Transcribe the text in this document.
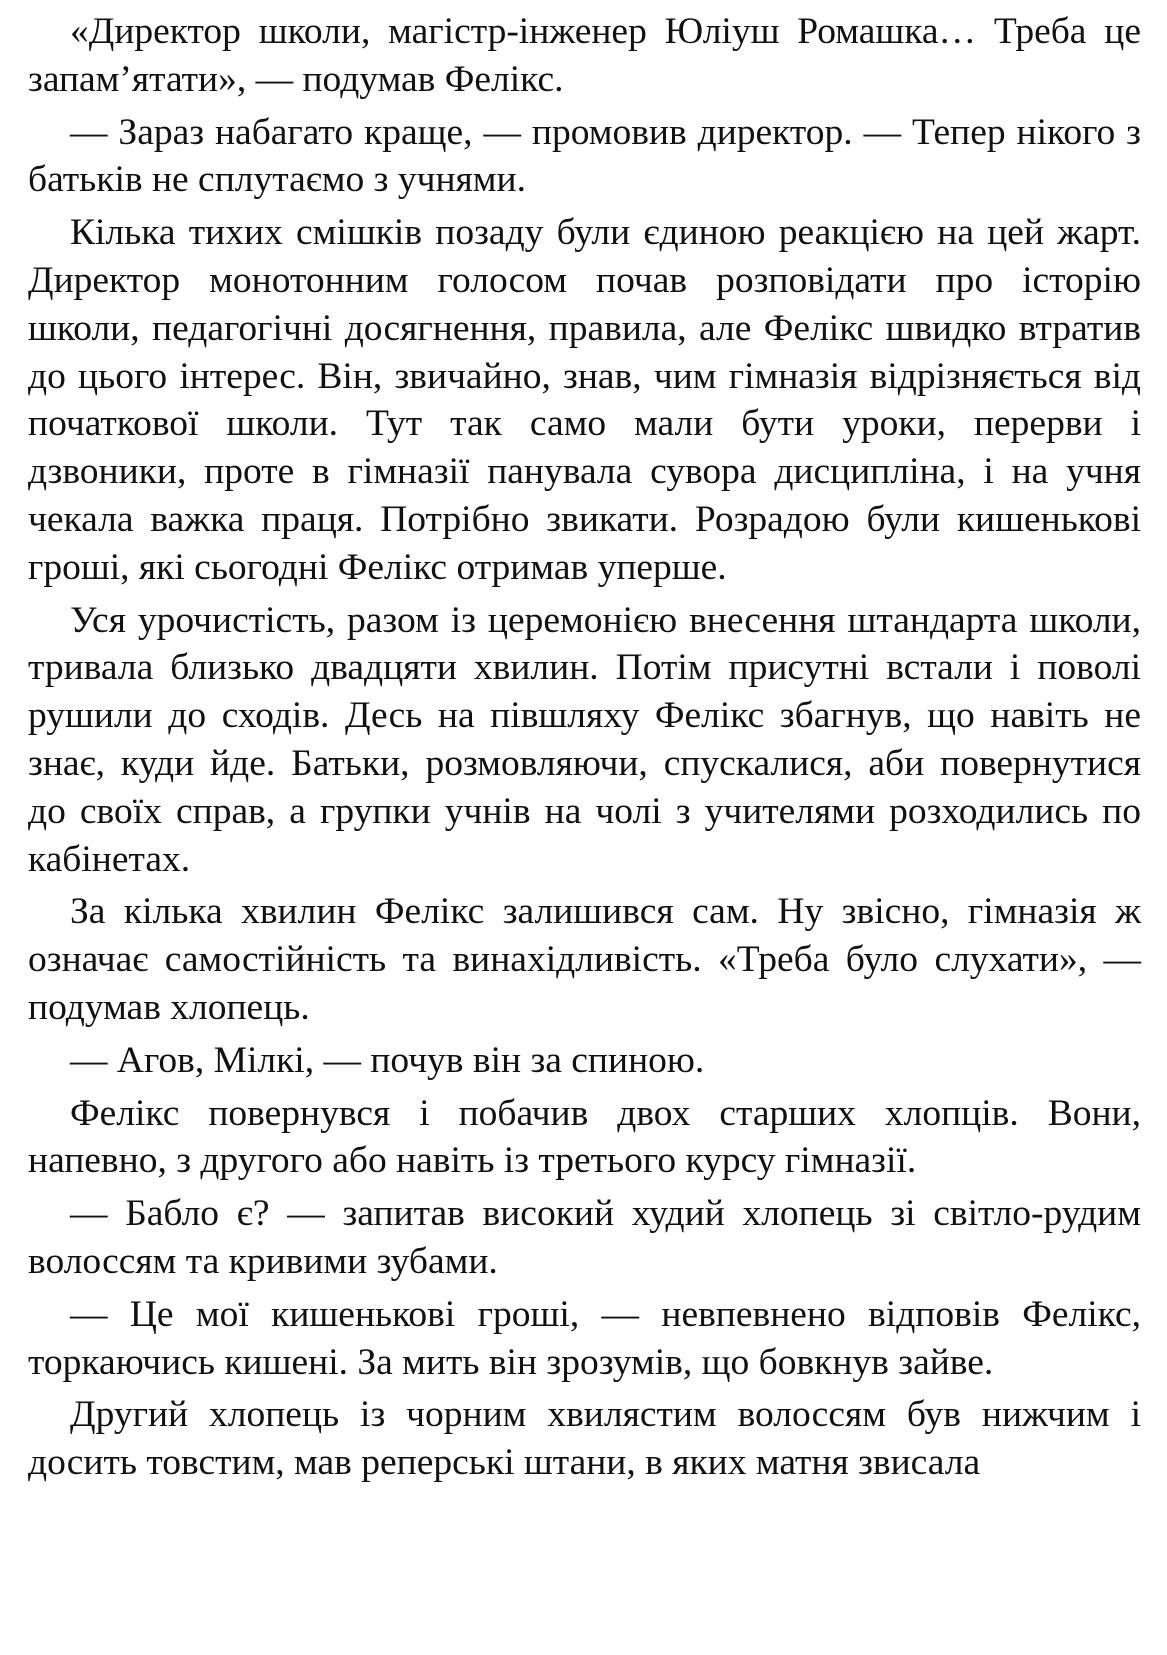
«Директор школи, магістр-інженер Юліуш Ромашка… Треба це запам’ятати», — подумав Фелікс.

— Зараз набагато краще, — промовив директор. — Тепер нікого з батьків не сплутаємо з учнями.

Кілька тихих смішків позаду були єдиною реакцією на цей жарт. Директор монотонним голосом почав розповідати про історію школи, педагогічні досягнення, правила, але Фелікс швидко втратив до цього інтерес. Він, звичайно, знав, чим гімназія відрізняється від початкової школи. Тут так само мали бути уроки, перерви і дзвоники, проте в гімназії панувала сувора дисципліна, і на учня чекала важка праця. Потрібно звикати. Розрадою були кишенькові гроші, які сьогодні Фелікс отримав уперше.

Уся урочистість, разом із церемонією внесення штандарта школи, тривала близько двадцяти хвилин. Потім присутні встали і поволі рушили до сходів. Десь на півшляху Фелікс збагнув, що навіть не знає, куди йде. Батьки, розмовляючи, спускалися, аби повернутися до своїх справ, а групки учнів на чолі з учителями розходились по кабінетах.

За кілька хвилин Фелікс залишився сам. Ну звісно, гімназія ж означає самостійність та винахідливість. «Треба було слухати», — подумав хлопець.

— Агов, Мілкі, — почув він за спиною.

Фелікс повернувся і побачив двох старших хлопців. Вони, напевно, з другого або навіть із третього курсу гімназії.

— Бабло є? — запитав високий худий хлопець зі світло-рудим волоссям та кривими зубами.

— Це мої кишенькові гроші, — невпевнено відповів Фелікс, торкаючись кишені. За мить він зрозумів, що бовкнув зайве.

Другий хлопець із чорним хвилястим волоссям був нижчим і досить товстим, мав реперські штани, в яких матня звисала
